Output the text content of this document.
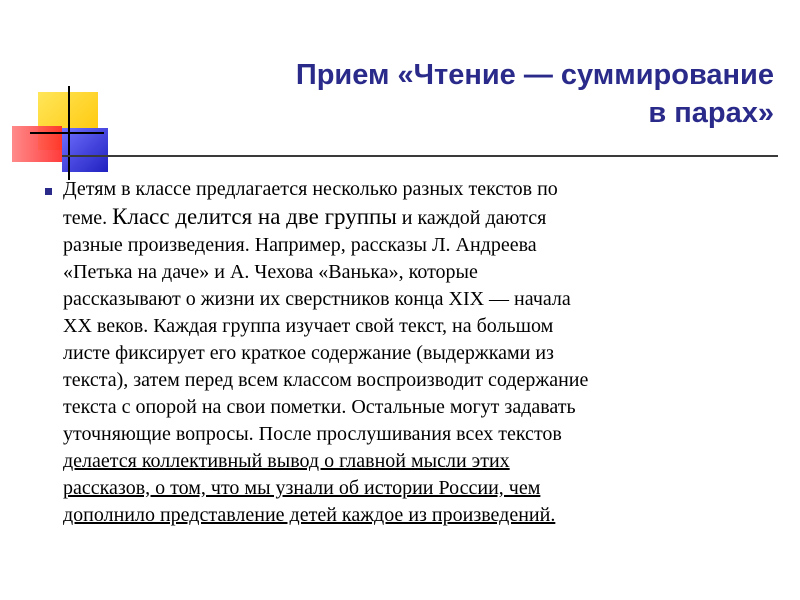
Прием «Чтение — суммирование
в парах»
Детям в классе предлагается несколько разных текстов по
теме. Класс делится на две группы и каждой даются
разные произведения. Например, рассказы Л. Андреева
«Петька на даче» и А. Чехова «Ванька», которые
рассказывают о жизни их сверстников конца XIX — начала
XX веков. Каждая группа изучает свой текст, на большом
листе фиксирует его краткое содержание (выдержками из
текста), затем перед всем классом воспроизводит содержание
текста с опорой на свои пометки. Остальные могут задавать
уточняющие вопросы. После прослушивания всех текстов
делается коллективный вывод о главной мысли этих
рассказов, о том, что мы узнали об истории России, чем
дополнило представление детей каждое из произведений.
